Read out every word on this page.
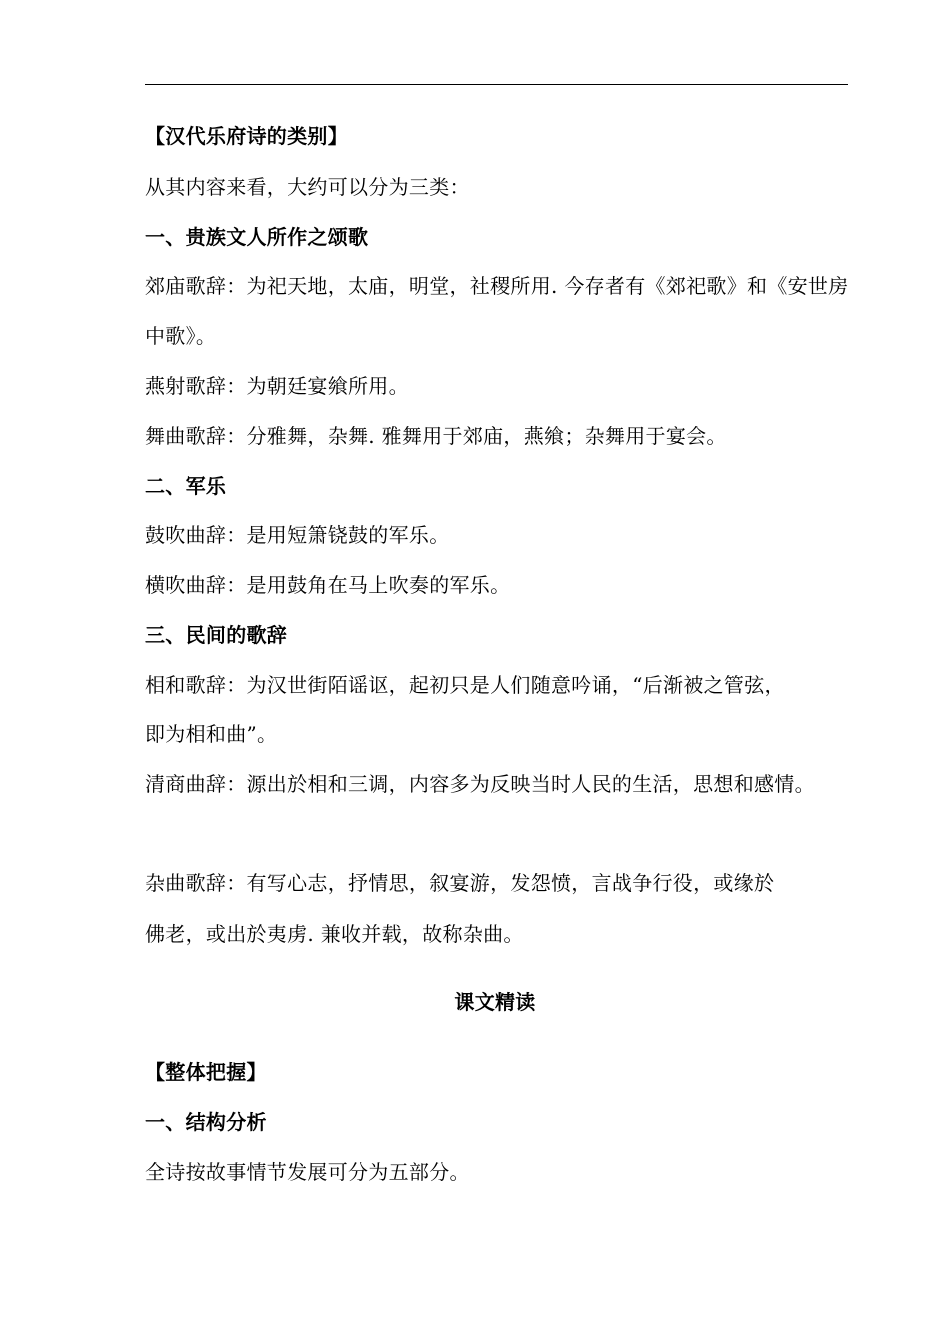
【汉代乐府诗的类别】
从其内容来看，大约可以分为三类：
一、贵族文人所作之颂歌
郊庙歌辞：为祀天地，太庙，明堂，社稷所用. 今存者有《郊祀歌》和《安世房
中歌》。
燕射歌辞：为朝廷宴飨所用。
舞曲歌辞：分雅舞，杂舞. 雅舞用于郊庙，燕飨；杂舞用于宴会。
二、军乐
鼓吹曲辞：是用短箫铙鼓的军乐。
横吹曲辞：是用鼓角在马上吹奏的军乐。
三、民间的歌辞
相和歌辞：为汉世街陌谣讴，起初只是人们随意吟诵，“后渐被之管弦，
即为相和曲”。
清商曲辞：源出於相和三调，内容多为反映当时人民的生活，思想和感情。
杂曲歌辞：有写心志，抒情思，叙宴游，发怨愤，言战争行役，或缘於
佛老，或出於夷虏. 兼收并载，故称杂曲。
课文精读
【整体把握】
一、结构分析
全诗按故事情节发展可分为五部分。
